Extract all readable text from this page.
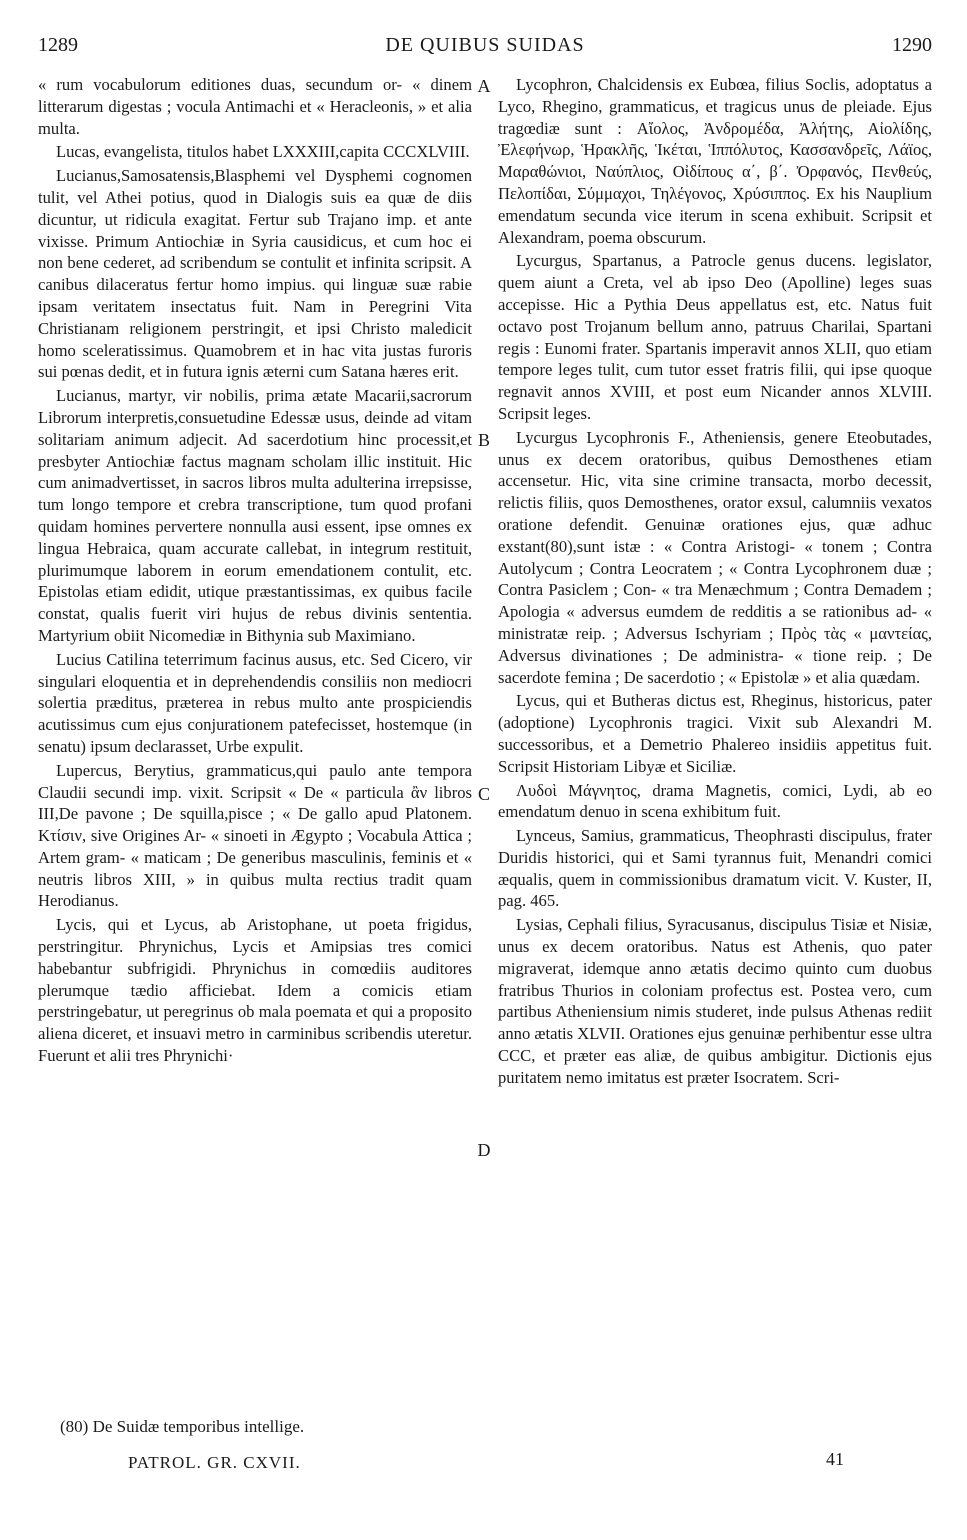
1289	DE QUIBUS SUIDAS	1290

« rum vocabulorum editiones duas, secundum or- « dinem litterarum digestas ; vocula Antimachi et « Heracleonis, » et alia multa.

Lucas, evangelista, titulos habet LXXXIII,capita CCCXLVIII.

Lucianus,Samosatensis,Blasphemi vel Dysphemi cognomen tulit, vel Athei potius, quod in Dialogis suis ea quæ de diis dicuntur, ut ridicula exagitat. Fertur sub Trajano imp. et ante vixisse. Primum Antiochiæ in Syria causidicus, et cum hoc ei non bene cederet, ad scribendum se contulit et infinita scripsit. A canibus dilaceratus fertur homo impius. qui linguæ suæ rabie ipsam veritatem insectatus fuit. Nam in Peregrini Vita Christianam religionem perstringit, et ipsi Christo maledicit homo sceleratissimus. Quamobrem et in hac vita justas furoris sui pœnas dedit, et in futura ignis æterni cum Satana hæres erit.

Lucianus, martyr, vir nobilis, prima ætate Macarii,sacrorum Librorum interpretis,consuetudine Edessæ usus, deinde ad vitam solitariam animum adjecit. Ad sacerdotium hinc processit,et presbyter Antiochiæ factus magnam scholam illic instituit. Hic cum animadvertisset, in sacros libros multa adulterina irrepsisse, tum longo tempore et crebra transcriptione, tum quod profani quidam homines pervertere nonnulla ausi essent, ipse omnes ex lingua Hebraica, quam accurate callebat, in integrum restituit, plurimumque laborem in eorum emendationem contulit, etc. Epistolas etiam edidit, utique præstantissimas, ex quibus facile constat, qualis fuerit viri hujus de rebus divinis sententia. Martyrium obiit Nicomediæ in Bithynia sub Maximiano.

Lucius Catilina teterrimum facinus ausus, etc. Sed Cicero, vir singulari eloquentia et in deprehendendis consiliis non mediocri solertia præditus, præterea in rebus multo ante prospiciendis acutissimus cum ejus conjurationem patefecisset, hostemque (in senatu) ipsum declarasset, Urbe expulit.

Lupercus, Berytius, grammaticus,qui paulo ante tempora Claudii secundi imp. vixit. Scripsit « De « particula ἂν libros III,De pavone ; De squilla,pisce ; « De gallo apud Platonem. Κτίσιν, sive Origines Ar- « sinoeti in Ægypto ; Vocabula Attica ; Artem gram- « maticam ; De generibus masculinis, feminis et « neutris libros XIII, » in quibus multa rectius tradit quam Herodianus.

Lycis, qui et Lycus, ab Aristophane, ut poeta frigidus, perstringitur. Phrynichus, Lycis et Amipsias tres comici habebantur subfrigidi. Phrynichus in comœdiis auditores plerumque tædio afficiebat. Idem a comicis etiam perstringebatur, ut peregrinus ob mala poemata et qui a proposito aliena diceret, et insuavi metro in carminibus scribendis uteretur. Fuerunt et alii tres Phrynichi·

A
B
C
D

Lycophron, Chalcidensis ex Eubœa, filius Soclis, adoptatus a Lyco, Rhegino, grammaticus, et tragicus unus de pleiade. Ejus tragœdiæ sunt : Αἴολος, Ἀνδρομέδα, Ἀλήτης, Αἰολίδης, Ἐλεφήνωρ, Ἡρακλῆς, Ἱκέται, Ἱππόλυτος, Κασσανδρεῖς, Λάϊος, Μαραθώνιοι, Ναύπλιος, Οἰδίπους α΄, β΄. Ὀρφανός, Πενθεύς, Πελοπίδαι, Σύμμαχοι, Τηλέγονος, Χρύσιππος. Ex his Nauplium emendatum secunda vice iterum in scena exhibuit. Scripsit et Alexandram, poema obscurum.

Lycurgus, Spartanus, a Patrocle genus ducens. legislator, quem aiunt a Creta, vel ab ipso Deo (Apolline) leges suas accepisse. Hic a Pythia Deus appellatus est, etc. Natus fuit octavo post Trojanum bellum anno, patruus Charilai, Spartani regis : Eunomi frater. Spartanis imperavit annos XLII, quo etiam tempore leges tulit, cum tutor esset fratris filii, qui ipse quoque regnavit annos XVIII, et post eum Nicander annos XLVIII. Scripsit leges.

Lycurgus Lycophronis F., Atheniensis, genere Eteobutades, unus ex decem oratoribus, quibus Demosthenes etiam accensetur. Hic, vita sine crimine transacta, morbo decessit, relictis filiis, quos Demosthenes, orator exsul, calumniis vexatos oratione defendit. Genuinæ orationes ejus, quæ adhuc exstant(80),sunt istæ : « Contra Aristogi- « tonem ; Contra Autolycum ; Contra Leocratem ; « Contra Lycophronem duæ ; Contra Pasiclem ; Con- « tra Menæchmum ; Contra Demadem ; Apologia « adversus eumdem de redditis a se rationibus ad- « ministratæ reip. ; Adversus Ischyriam ; Πρὸς τὰς « μαντείας, Adversus divinationes ; De administra- « tione reip. ; De sacerdote femina ; De sacerdotio ; « Epistolæ » et alia quædam.

Lycus, qui et Butheras dictus est, Rheginus, historicus, pater (adoptione) Lycophronis tragici. Vixit sub Alexandri M. successoribus, et a Demetrio Phalereo insidiis appetitus fuit. Scripsit Historiam Libyæ et Siciliæ.

Λυδοὶ Μάγνητος, drama Magnetis, comici, Lydi, ab eo emendatum denuo in scena exhibitum fuit.

Lynceus, Samius, grammaticus, Theophrasti discipulus, frater Duridis historici, qui et Sami tyrannus fuit, Menandri comici æqualis, quem in commissionibus dramatum vicit. V. Kuster, II, pag. 465.

Lysias, Cephali filius, Syracusanus, discipulus Tisiæ et Nisiæ, unus ex decem oratoribus. Natus est Athenis, quo pater migraverat, idemque anno ætatis decimo quinto cum duobus fratribus Thurios in coloniam profectus est. Postea vero, cum partibus Atheniensium nimis studeret, inde pulsus Athenas rediit anno ætatis XLVII. Orationes ejus genuinæ perhibentur esse ultra CCC, et præter eas aliæ, de quibus ambigitur. Dictionis ejus puritatem nemo imitatus est præter Isocratem. Scri-

(80) De Suidæ temporibus intellige.
PATROL. GR. CXVII.	41
